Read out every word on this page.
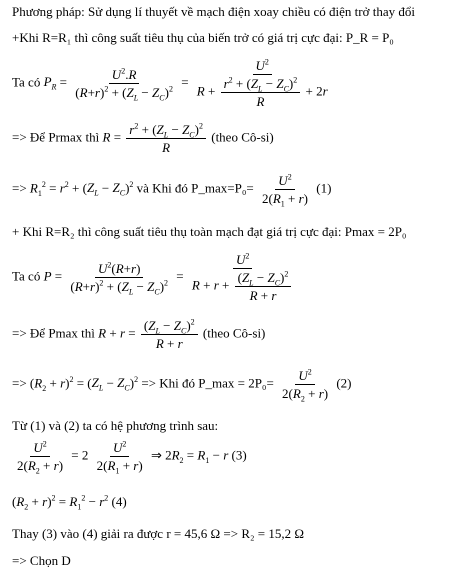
Phương pháp: Sử dụng lí thuyết về mạch điện xoay chiều có điện trở thay đổi
+Khi R=R₁ thì công suất tiêu thụ của biến trở có giá trị cực đại: P_R = P₀
Ta có $P_R = \frac{U^2.R}{(R+r)^2 + (Z_L - Z_C)^2} = \frac{U^2}{R + \frac{r^2 + (Z_L - Z_C)^2}{R} + 2r}$
=> Để Prmax thì $R = \frac{r^2 + (Z_L - Z_C)^2}{R}$ (theo Cô-si)
=> $R_1^2 = r^2 + (Z_L - Z_C)^2$ và Khi đó P_max=P₀= $\frac{U^2}{2(R_1 + r)} (1)$
+ Khi R=R₂ thì công suất tiêu thụ toàn mạch đạt giá trị cực đại: Pmax = 2P₀
Ta có $P = \frac{U^2(R+r)}{(R+r)^2 + (Z_L - Z_C)^2} = \frac{U^2}{R + r + \frac{(Z_L - Z_C)^2}{R + r}}$
=> Để Pmax thì $R + r = \frac{(Z_L - Z_C)^2}{R + r}$ (theo Cô-si)
=> $(R_2 + r)^2 = (Z_L - Z_C)^2$ => Khi đó P_max = $2P_0= \frac{U^2}{2(R_2 + r)} (2)$
Từ (1) và (2) ta có hệ phương trình sau:
$\frac{U^2}{2(R_2 + r)} = 2 \frac{U^2}{2(R_1 + r)}$ ⇒ $2R_2 = R_1 - r$ (3)
$(R_2 + r)^2 = R_1^2 - r^2$ (4)
Thay (3) vào (4) giải ra được r = 45,6 Ω => R₂ = 15,2 Ω
=> Chọn D
